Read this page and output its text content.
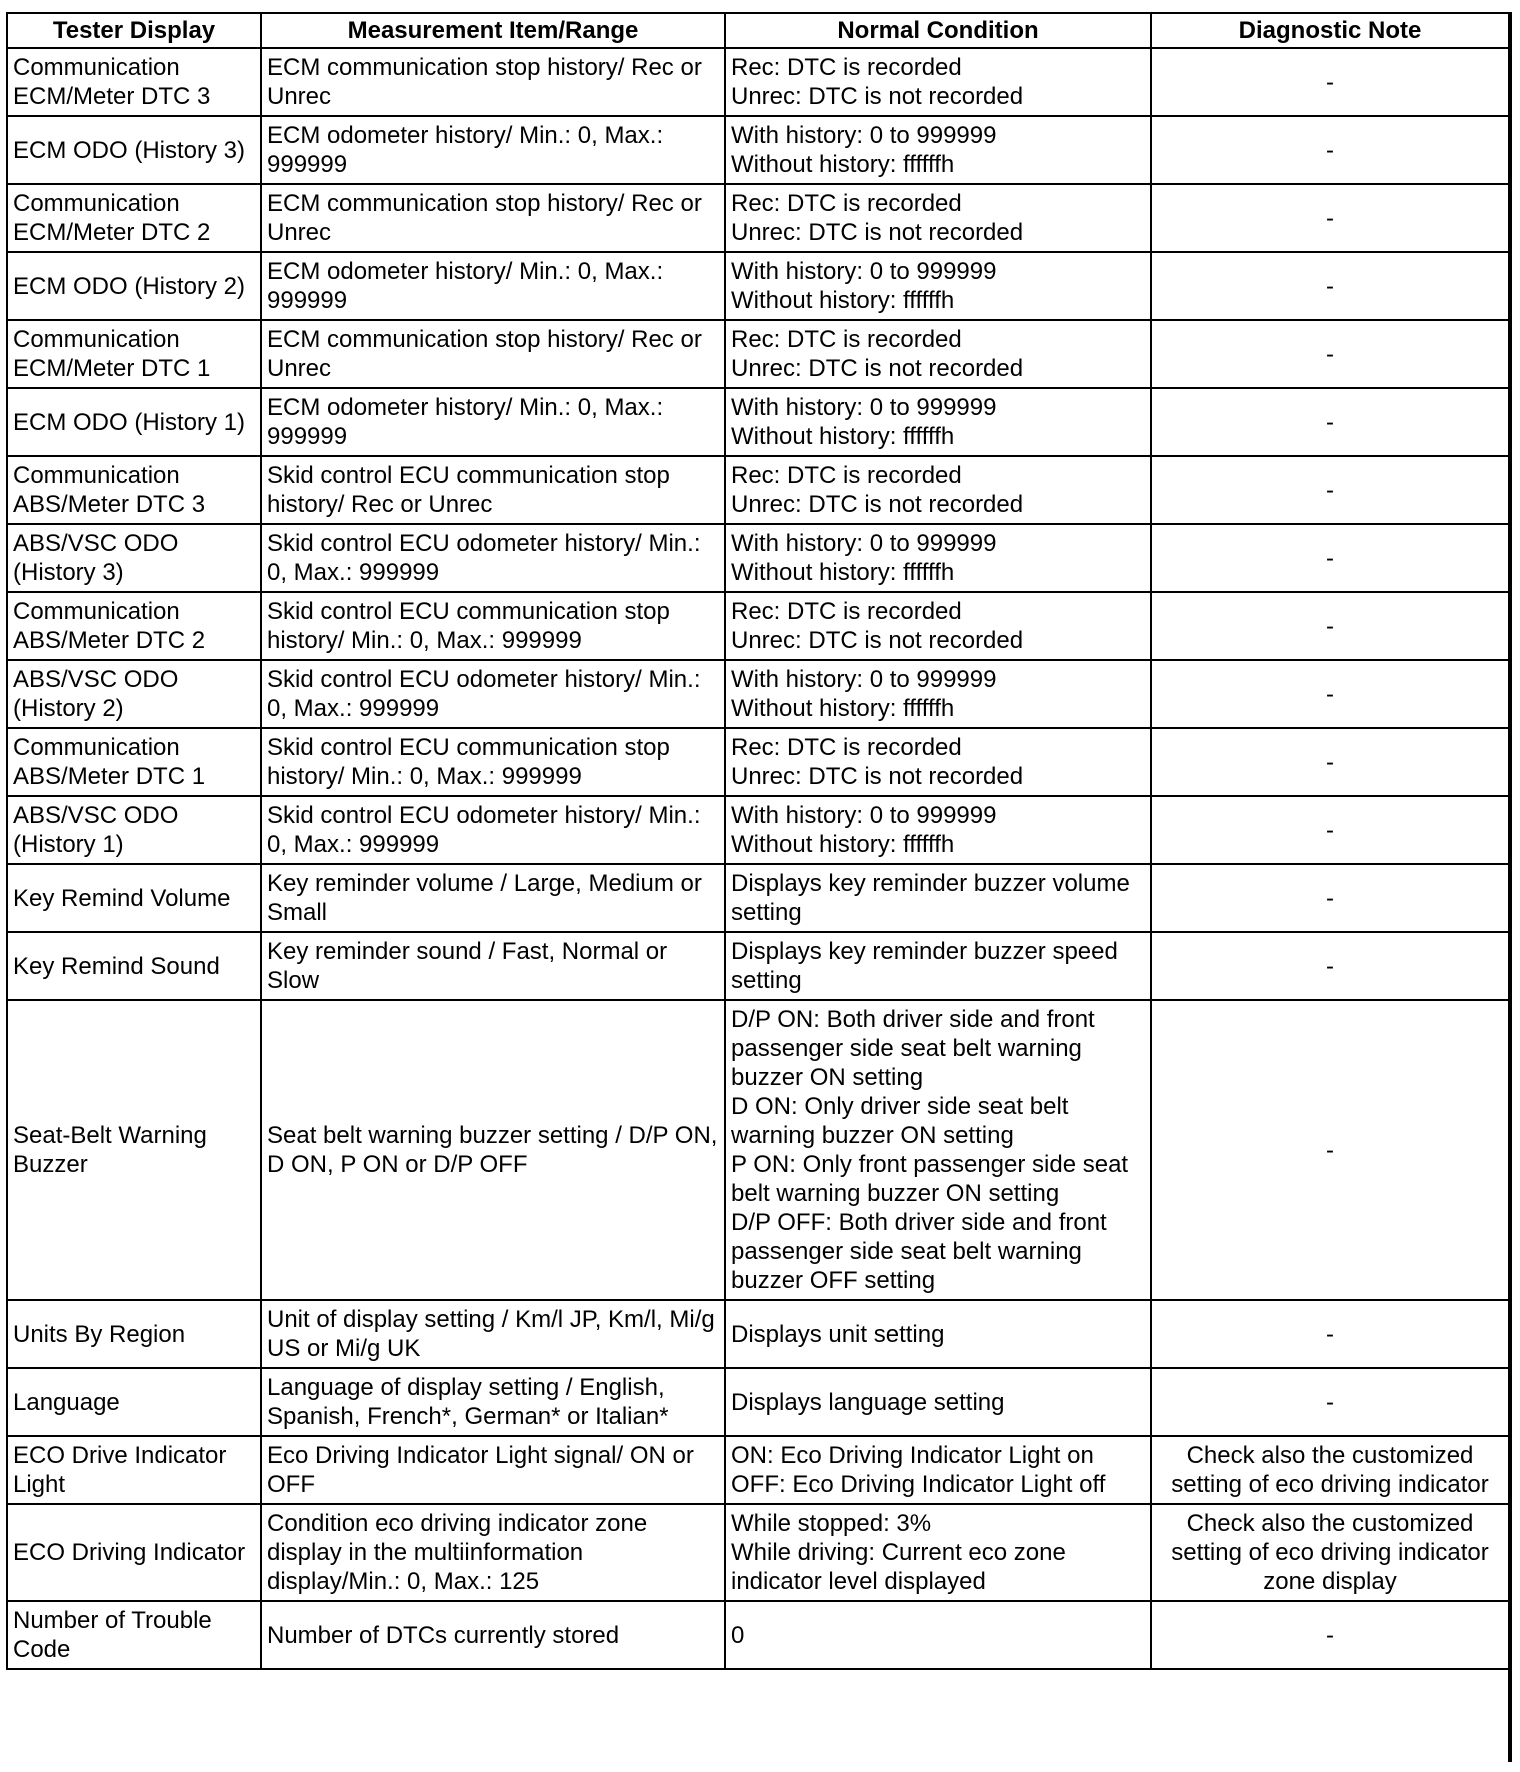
Tester Display	Measurement Item/Range	Normal Condition	Diagnostic Note
Communication ECM/Meter DTC 3	ECM communication stop history/ Rec or Unrec	Rec: DTC is recorded
Unrec: DTC is not recorded	-
ECM ODO (History 3)	ECM odometer history/ Min.: 0, Max.: 999999	With history: 0 to 999999
Without history: ffffffh	-
Communication ECM/Meter DTC 2	ECM communication stop history/ Rec or Unrec	Rec: DTC is recorded
Unrec: DTC is not recorded	-
ECM ODO (History 2)	ECM odometer history/ Min.: 0, Max.: 999999	With history: 0 to 999999
Without history: ffffffh	-
Communication ECM/Meter DTC 1	ECM communication stop history/ Rec or Unrec	Rec: DTC is recorded
Unrec: DTC is not recorded	-
ECM ODO (History 1)	ECM odometer history/ Min.: 0, Max.: 999999	With history: 0 to 999999
Without history: ffffffh	-
Communication ABS/Meter DTC 3	Skid control ECU communication stop history/ Rec or Unrec	Rec: DTC is recorded
Unrec: DTC is not recorded	-
ABS/VSC ODO (History 3)	Skid control ECU odometer history/ Min.: 0, Max.: 999999	With history: 0 to 999999
Without history: ffffffh	-
Communication ABS/Meter DTC 2	Skid control ECU communication stop history/ Min.: 0, Max.: 999999	Rec: DTC is recorded
Unrec: DTC is not recorded	-
ABS/VSC ODO (History 2)	Skid control ECU odometer history/ Min.: 0, Max.: 999999	With history: 0 to 999999
Without history: ffffffh	-
Communication ABS/Meter DTC 1	Skid control ECU communication stop history/ Min.: 0, Max.: 999999	Rec: DTC is recorded
Unrec: DTC is not recorded	-
ABS/VSC ODO (History 1)	Skid control ECU odometer history/ Min.: 0, Max.: 999999	With history: 0 to 999999
Without history: ffffffh	-
Key Remind Volume	Key reminder volume / Large, Medium or Small	Displays key reminder buzzer volume setting	-
Key Remind Sound	Key reminder sound / Fast, Normal or Slow	Displays key reminder buzzer speed setting	-
Seat-Belt Warning Buzzer	Seat belt warning buzzer setting / D/P ON, D ON, P ON or D/P OFF	D/P ON: Both driver side and front passenger side seat belt warning buzzer ON setting
D ON: Only driver side seat belt warning buzzer ON setting
P ON: Only front passenger side seat belt warning buzzer ON setting
D/P OFF: Both driver side and front passenger side seat belt warning buzzer OFF setting	-
Units By Region	Unit of display setting / Km/l JP, Km/l, Mi/g US or Mi/g UK	Displays unit setting	-
Language	Language of display setting / English, Spanish, French*, German* or Italian*	Displays language setting	-
ECO Drive Indicator Light	Eco Driving Indicator Light signal/ ON or OFF	ON: Eco Driving Indicator Light on
OFF: Eco Driving Indicator Light off	Check also the customized setting of eco driving indicator
ECO Driving Indicator	Condition eco driving indicator zone display in the multiinformation display/Min.: 0, Max.: 125	While stopped: 3%
While driving: Current eco zone indicator level displayed	Check also the customized setting of eco driving indicator zone display
Number of Trouble Code	Number of DTCs currently stored	0	-
